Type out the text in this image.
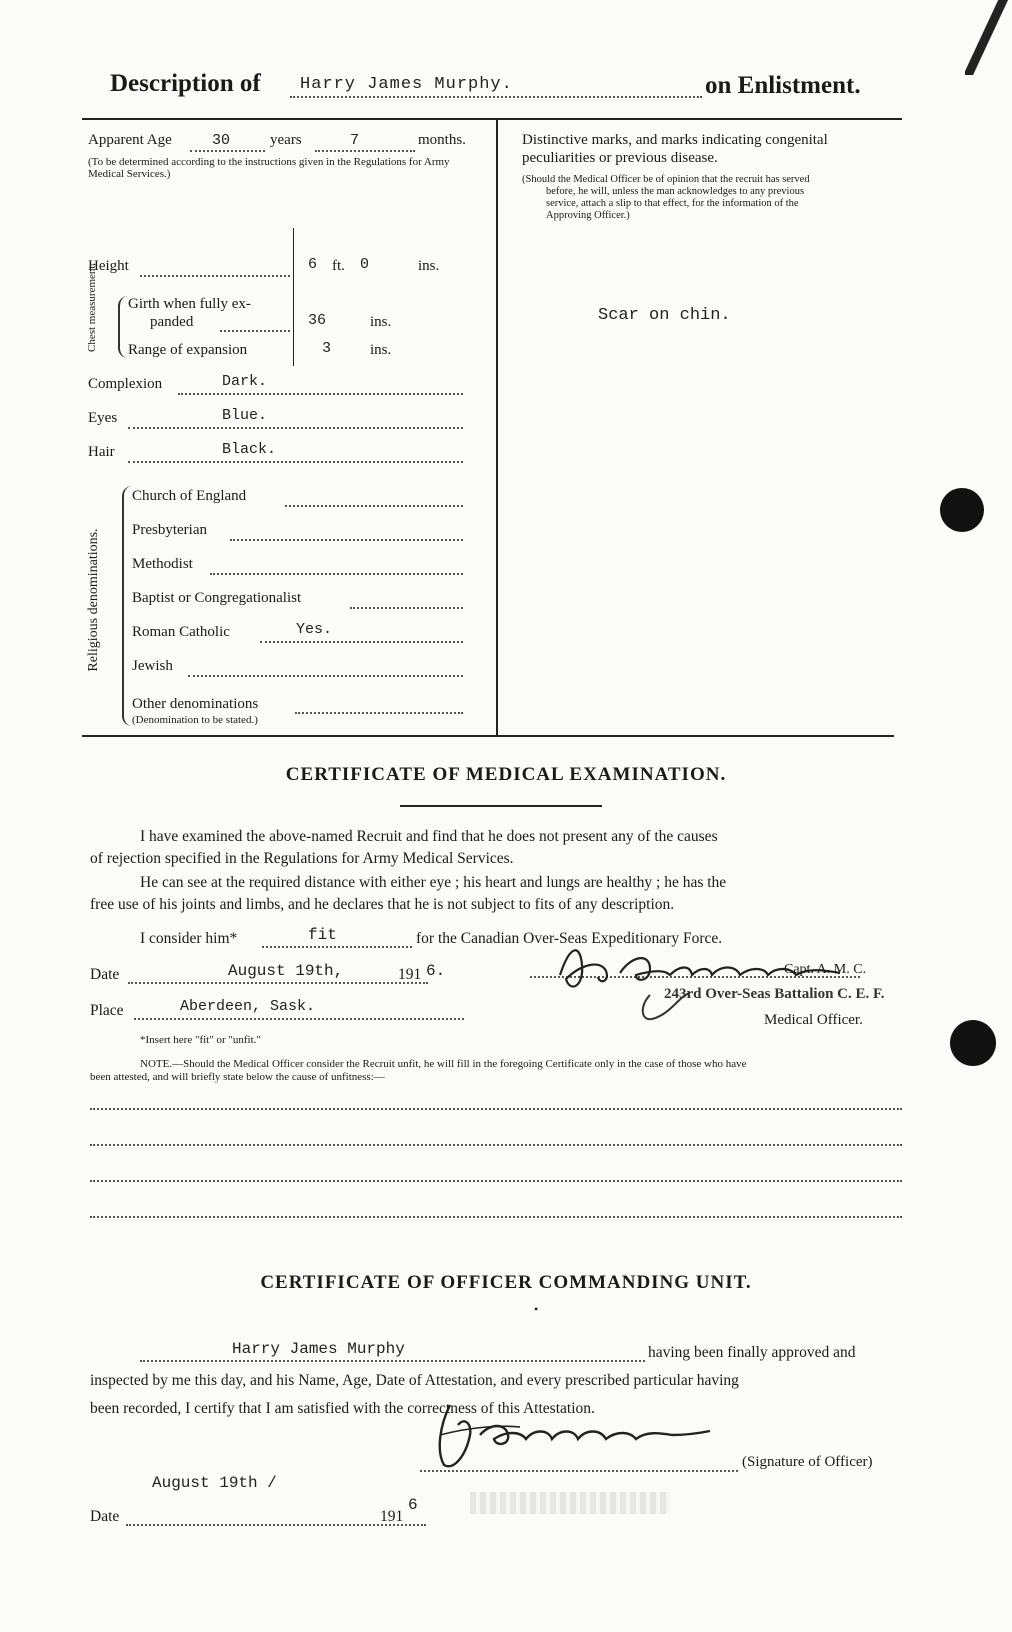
Description of Harry James Murphy.	on Enlistment.
Apparent Age	30	years	7	months.
(To be determined according to the instructions given in the Regulations for Army Medical Services.)
Height	6 ft. 0	ins.
Chest measurement. Girth when fully ex-
panded	36	ins.
Range of expansion	3	ins.
Complexion	Dark.
Eyes	Blue.
Hair	Black.
Religious denominations.
Church of England
Presbyterian
Methodist
Baptist or Congregationalist
Roman Catholic	Yes.
Jewish
Other denominations
(Denomination to be stated.)
Distinctive marks, and marks indicating congenital
peculiarities or previous disease.
(Should the Medical Officer be of opinion that the recruit has served
before, he will, unless the man acknowledges to any previous
service, attach a slip to that effect, for the information of the
Approving Officer.)
Scar on chin.
CERTIFICATE OF MEDICAL EXAMINATION.
I have examined the above-named Recruit and find that he does not present any of the causes
of rejection specified in the Regulations for Army Medical Services.
He can see at the required distance with either eye ; his heart and lungs are healthy ; he has the
free use of his joints and limbs, and he declares that he is not subject to fits of any description.
I consider him*	fit	for the Canadian Over-Seas Expeditionary Force.
Date	August 19th,	191 6.
Place	Aberdeen, Sask.
*Insert here "fit" or "unfit."
Capt. A. M. C.
243rd Over-Seas Battalion C. E. F.
Medical Officer.
NOTE.—Should the Medical Officer consider the Recruit unfit, he will fill in the foregoing Certificate only in the case of those who have
been attested, and will briefly state below the cause of unfitness:—
CERTIFICATE OF OFFICER COMMANDING UNIT.
•
Harry James Murphy	having been finally approved and
inspected by me this day, and his Name, Age, Date of Attestation, and every prescribed particular having
been recorded, I certify that I am satisfied with the correctness of this Attestation.
(Signature of Officer)
Date
August 19th /
191
6
